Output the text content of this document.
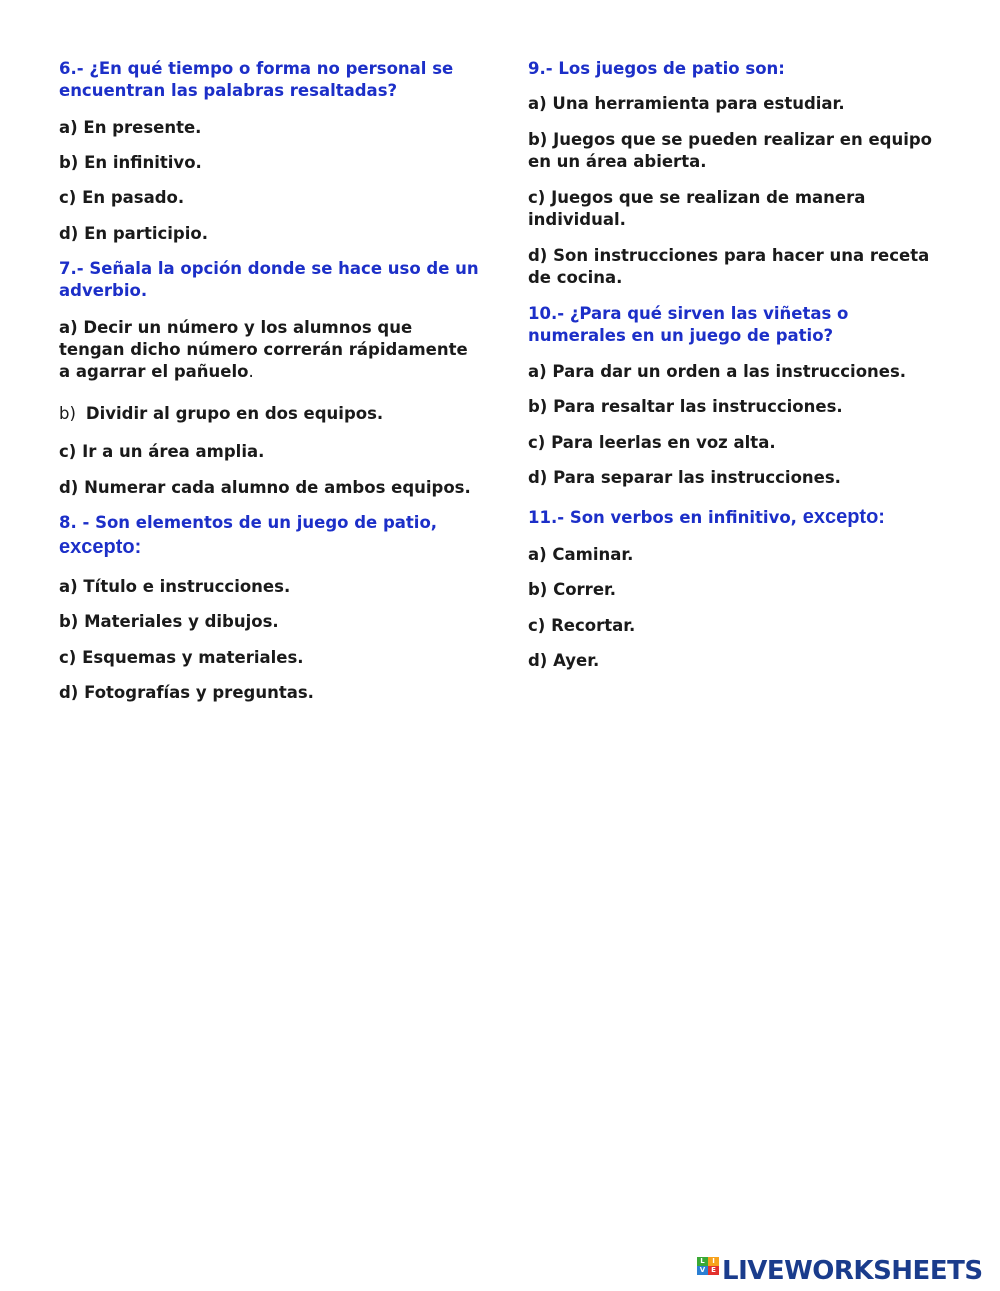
6.- ¿En qué tiempo o forma no personal se encuentran las palabras resaltadas?

a) En presente.

b) En infinitivo.

c) En pasado.

d) En participio.

7.- Señala la opción donde se hace uso de un adverbio.

a) Decir un número y los alumnos que tengan dicho número correrán rápidamente a agarrar el pañuelo.

b) Dividir al grupo en dos equipos.

c) Ir a un área amplia.

d) Numerar cada alumno de ambos equipos.

8. - Son elementos de un juego de patio,

excepto:

a) Título e instrucciones.

b) Materiales y dibujos.

c) Esquemas y materiales.

d) Fotografías y preguntas.

9.- Los juegos de patio son:

a) Una herramienta para estudiar.

b) Juegos que se pueden realizar en equipo en un área abierta.

c) Juegos que se realizan de manera individual.

d) Son instrucciones para hacer una receta de cocina.

10.- ¿Para qué sirven las viñetas o numerales en un juego de patio?

a) Para dar un orden a las instrucciones.

b) Para resaltar las instrucciones.

c) Para leerlas en voz alta.

d) Para separar las instrucciones.

11.- Son verbos en infinitivo, excepto:

a) Caminar.

b) Correr.

c) Recortar.

d) Ayer.

L	I
V E LIVEWORKSHEETS
